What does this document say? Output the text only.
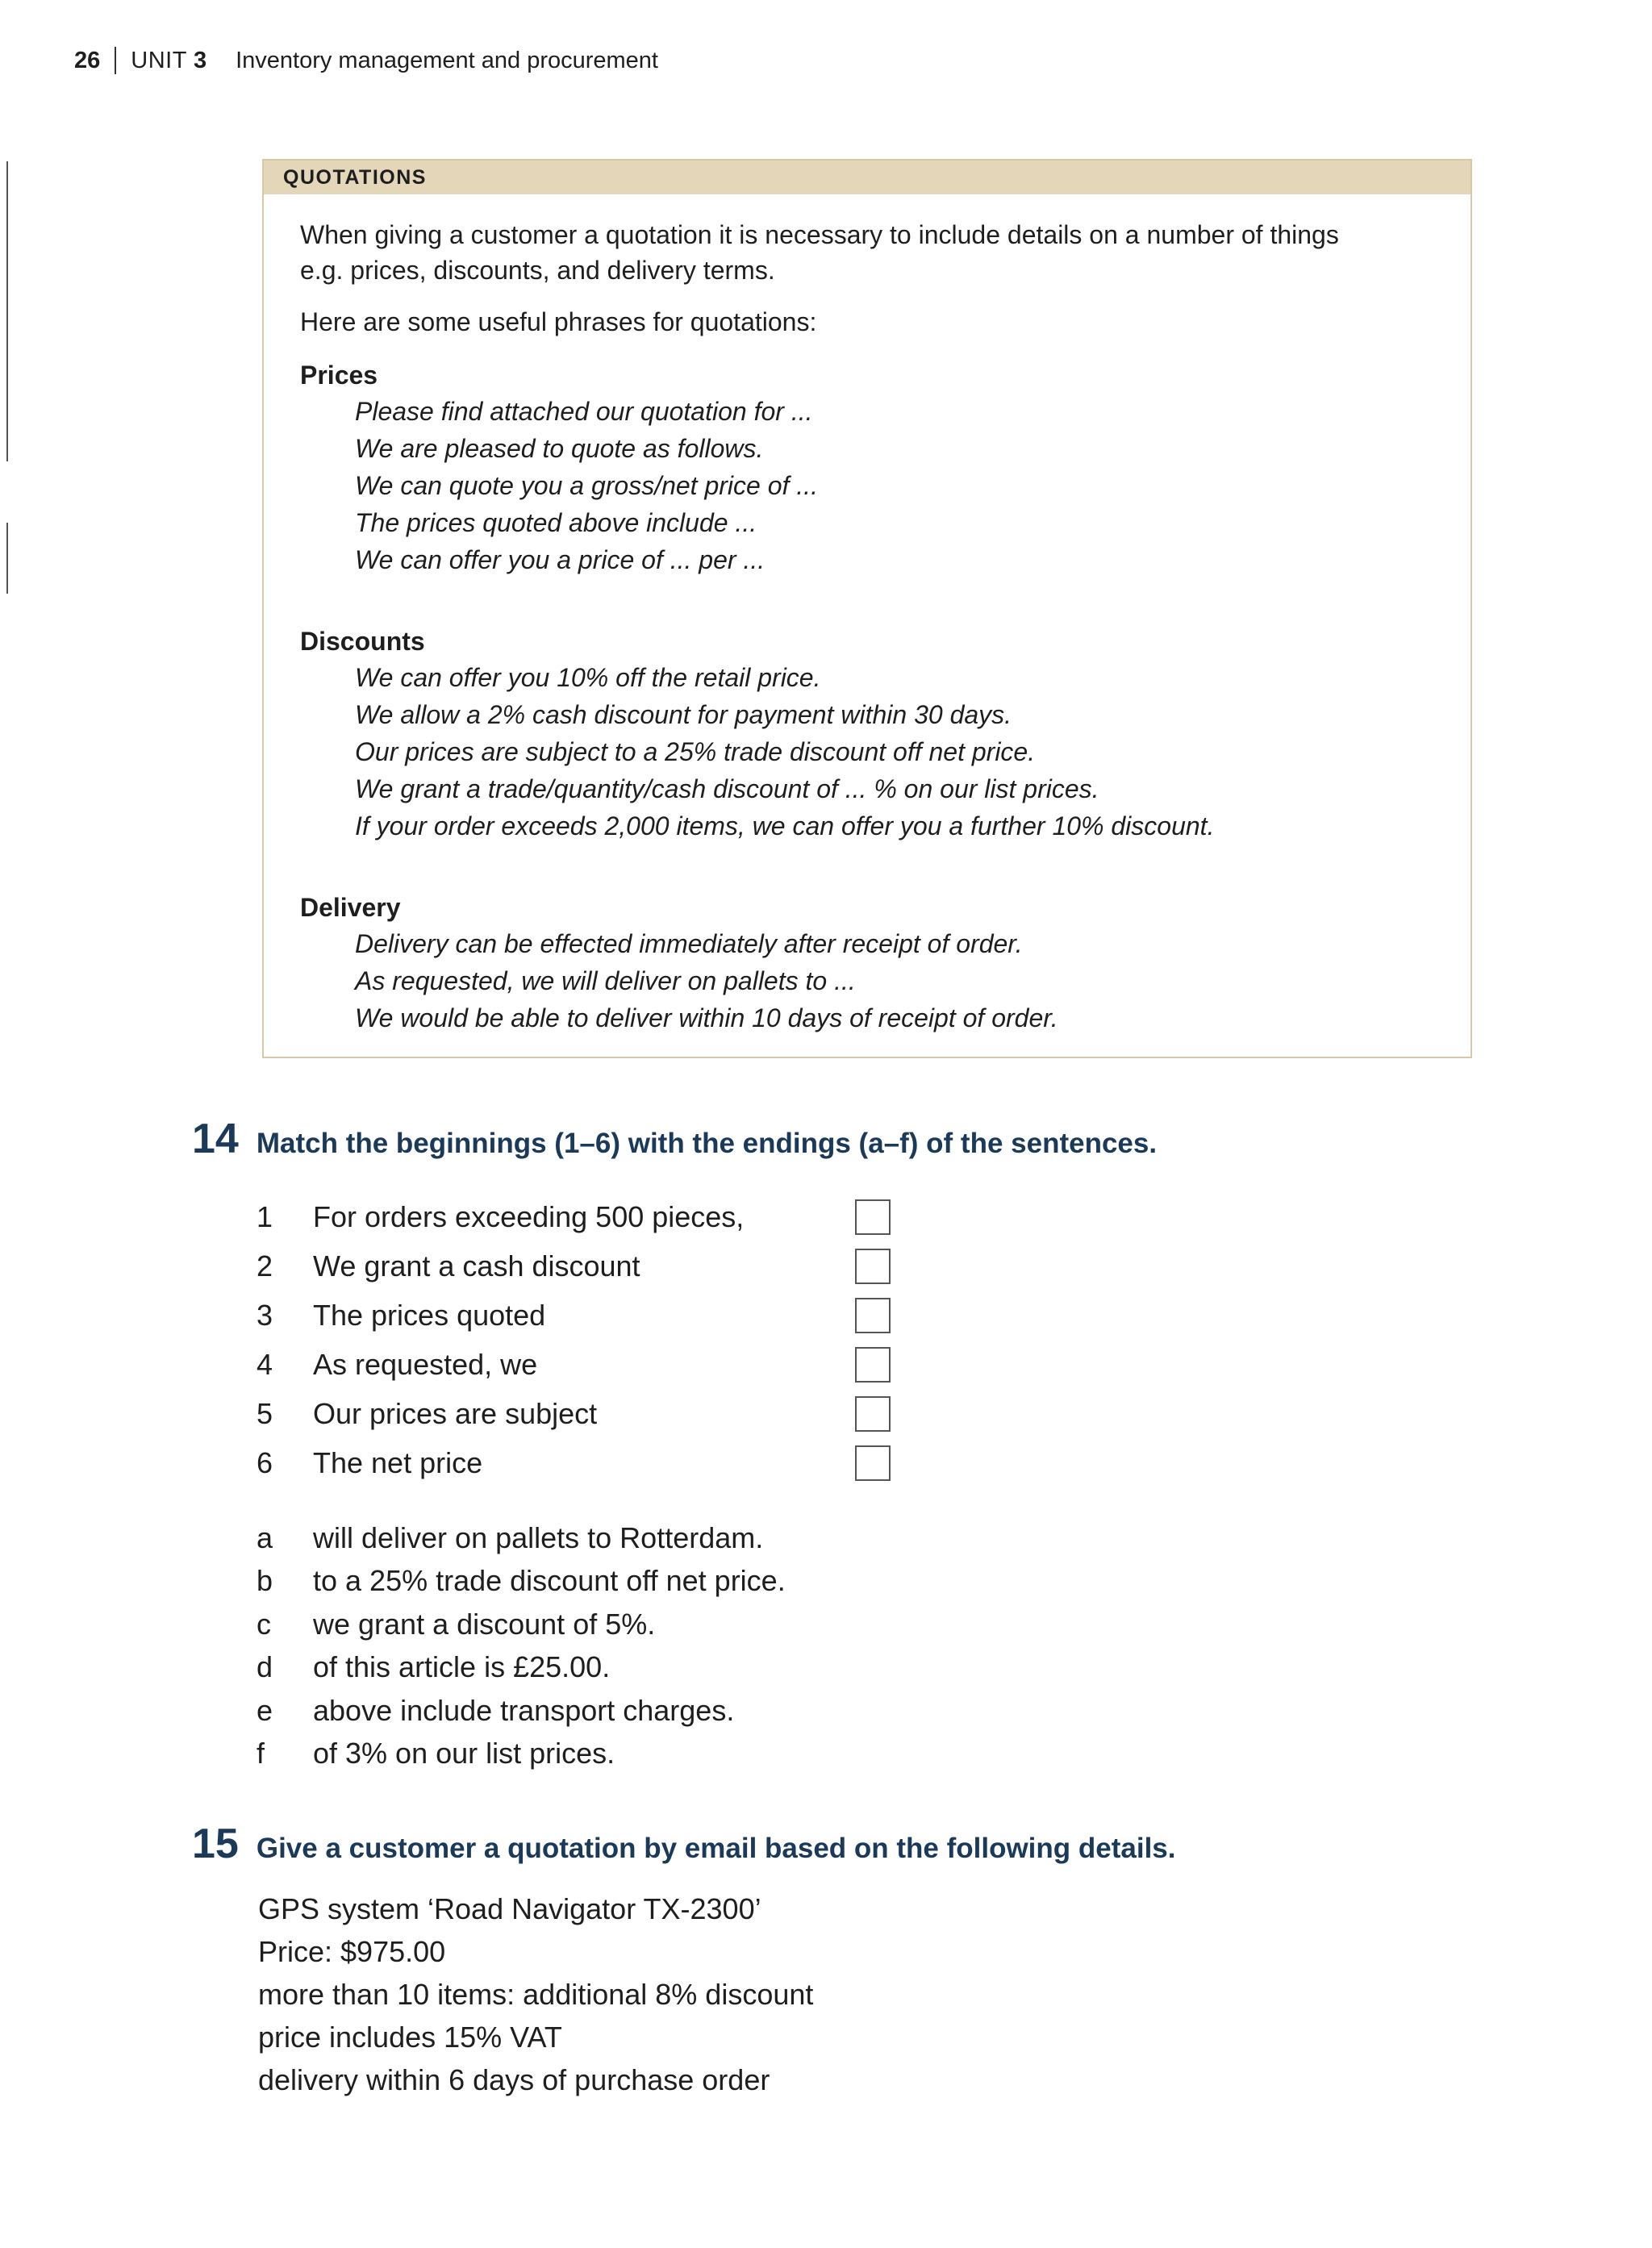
26 UNIT 3 Inventory management and procurement
QUOTATIONS

When giving a customer a quotation it is necessary to include details on a number of things

e.g. prices, discounts, and delivery terms.

Here are some useful phrases for quotations:

Prices
Please find attached our quotation for ...
We are pleased to quote as follows.
We can quote you a gross/net price of ...
The prices quoted above include ...
We can offer you a price of ... per ...
Discounts
We can offer you 10% off the retail price.
We allow a 2% cash discount for payment within 30 days.
Our prices are subject to a 25% trade discount off net price.
We grant a trade/quantity/cash discount of ... % on our list prices.
If your order exceeds 2,000 items, we can offer you a further 10% discount.
Delivery
Delivery can be effected immediately after receipt of order.
As requested, we will deliver on pallets to ...
We would be able to deliver within 10 days of receipt of order.
14 Match the beginnings (1–6) with the endings (a–f) of the sentences.
1	For orders exceeding 500 pieces,
2	We grant a cash discount
3	The prices quoted
4	As requested, we
5	Our prices are subject
6	The net price
a	will deliver on pallets to Rotterdam.
b	to a 25% trade discount off net price.
c	we grant a discount of 5%.
d	of this article is £25.00.
e	above include transport charges.
f	of 3% on our list prices.
15 Give a customer a quotation by email based on the following details.
GPS system ‘Road Navigator TX-2300’
Price: $975.00
more than 10 items: additional 8% discount
price includes 15% VAT
delivery within 6 days of purchase order
